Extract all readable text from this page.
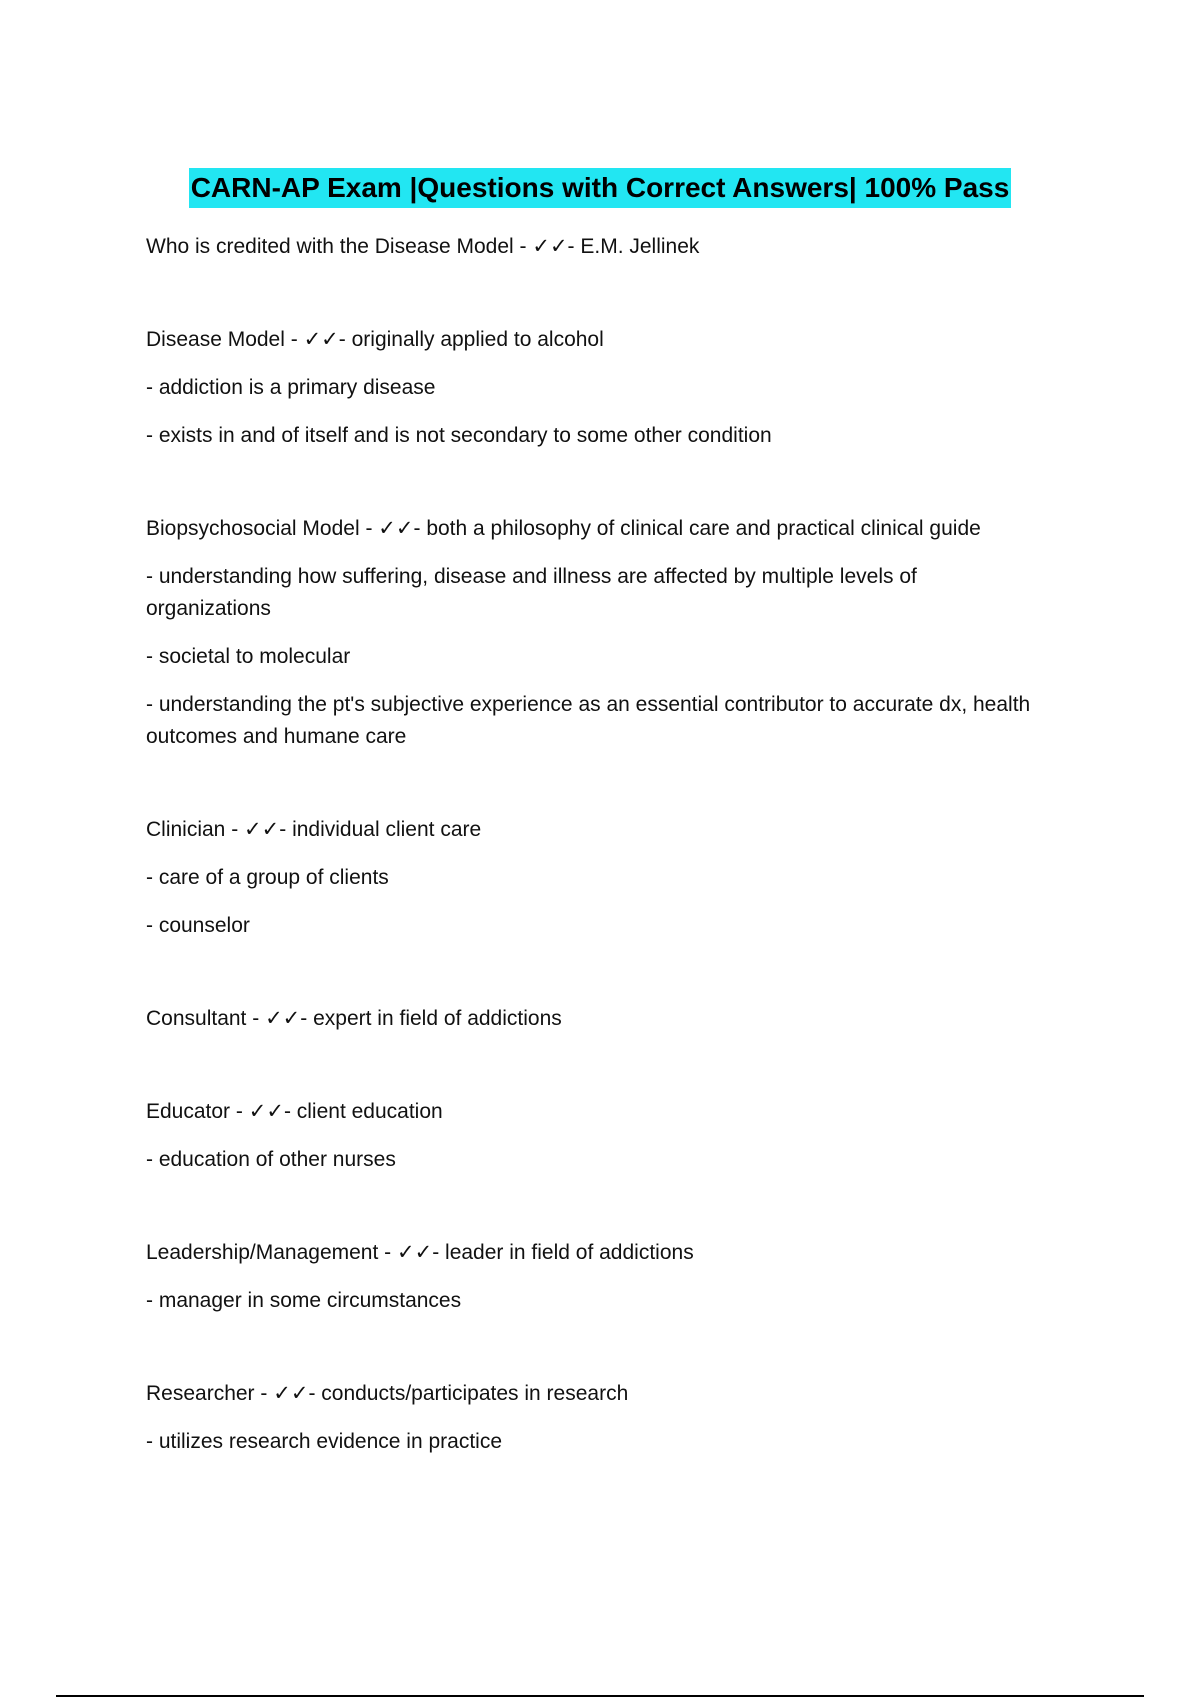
CARN-AP Exam |Questions with Correct Answers| 100% Pass
Who is credited with the Disease Model - ✓✓- E.M. Jellinek
Disease Model - ✓✓- originally applied to alcohol
- addiction is a primary disease
- exists in and of itself and is not secondary to some other condition
Biopsychosocial Model - ✓✓- both a philosophy of clinical care and practical clinical guide
- understanding how suffering, disease and illness are affected by multiple levels of organizations
- societal to molecular
- understanding the pt's subjective experience as an essential contributor to accurate dx, health outcomes and humane care
Clinician - ✓✓- individual client care
- care of a group of clients
- counselor
Consultant - ✓✓- expert in field of addictions
Educator - ✓✓- client education
- education of other nurses
Leadership/Management - ✓✓- leader in field of addictions
- manager in some circumstances
Researcher - ✓✓- conducts/participates in research
- utilizes research evidence in practice
